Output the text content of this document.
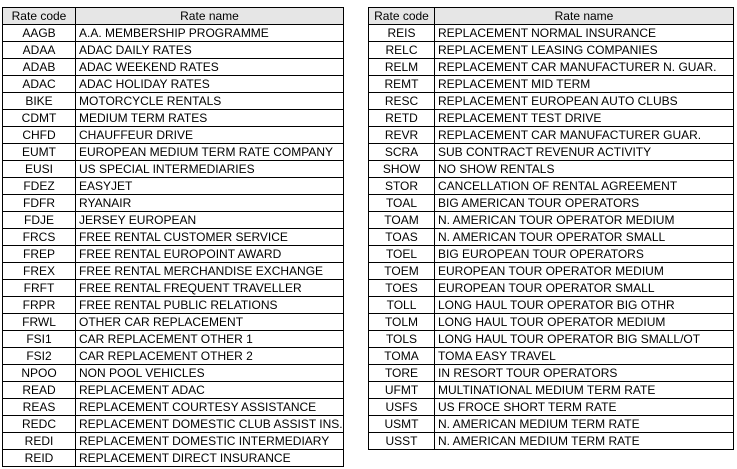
Rate code	Rate name
AAGB	A.A. MEMBERSHIP PROGRAMME
ADAA	ADAC DAILY RATES
ADAB	ADAC WEEKEND RATES
ADAC	ADAC HOLIDAY RATES
BIKE	MOTORCYCLE RENTALS
CDMT	MEDIUM TERM RATES
CHFD	CHAUFFEUR DRIVE
EUMT	EUROPEAN MEDIUM TERM RATE COMPANY
EUSI	US SPECIAL INTERMEDIARIES
FDEZ	EASYJET
FDFR	RYANAIR
FDJE	JERSEY EUROPEAN
FRCS	FREE RENTAL CUSTOMER SERVICE
FREP	FREE RENTAL EUROPOINT AWARD
FREX	FREE RENTAL MERCHANDISE EXCHANGE
FRFT	FREE RENTAL FREQUENT TRAVELLER
FRPR	FREE RENTAL PUBLIC RELATIONS
FRWL	OTHER CAR REPLACEMENT
FSI1	CAR REPLACEMENT OTHER 1
FSI2	CAR REPLACEMENT OTHER 2
NPOO	NON POOL VEHICLES
READ	REPLACEMENT ADAC
REAS	REPLACEMENT COURTESY ASSISTANCE
REDC	REPLACEMENT DOMESTIC CLUB ASSIST INS.
REDI	REPLACEMENT DOMESTIC INTERMEDIARY
REID	REPLACEMENT DIRECT INSURANCE
Rate code	Rate name
REIS	REPLACEMENT NORMAL INSURANCE
RELC	REPLACEMENT LEASING COMPANIES
RELM	REPLACEMENT CAR MANUFACTURER N. GUAR.
REMT	REPLACEMENT MID TERM
RESC	REPLACEMENT EUROPEAN AUTO CLUBS
RETD	REPLACEMENT TEST DRIVE
REVR	REPLACEMENT CAR MANUFACTURER GUAR.
SCRA	SUB CONTRACT REVENUR ACTIVITY
SHOW	NO SHOW RENTALS
STOR	CANCELLATION OF RENTAL AGREEMENT
TOAL	BIG AMERICAN TOUR OPERATORS
TOAM	N. AMERICAN TOUR OPERATOR MEDIUM
TOAS	N. AMERICAN TOUR OPERATOR SMALL
TOEL	BIG EUROPEAN TOUR OPERATORS
TOEM	EUROPEAN TOUR OPERATOR MEDIUM
TOES	EUROPEAN TOUR OPERATOR SMALL
TOLL	LONG HAUL TOUR OPERATOR BIG OTHR
TOLM	LONG HAUL TOUR OPERATOR MEDIUM
TOLS	LONG HAUL TOUR OPERATOR BIG SMALL/OT
TOMA	TOMA EASY TRAVEL
TORE	IN RESORT TOUR OPERATORS
UFMT	MULTINATIONAL MEDIUM TERM RATE
USFS	US FROCE SHORT TERM RATE
USMT	N. AMERICAN MEDIUM TERM RATE
USST	N. AMERICAN MEDIUM TERM RATE
